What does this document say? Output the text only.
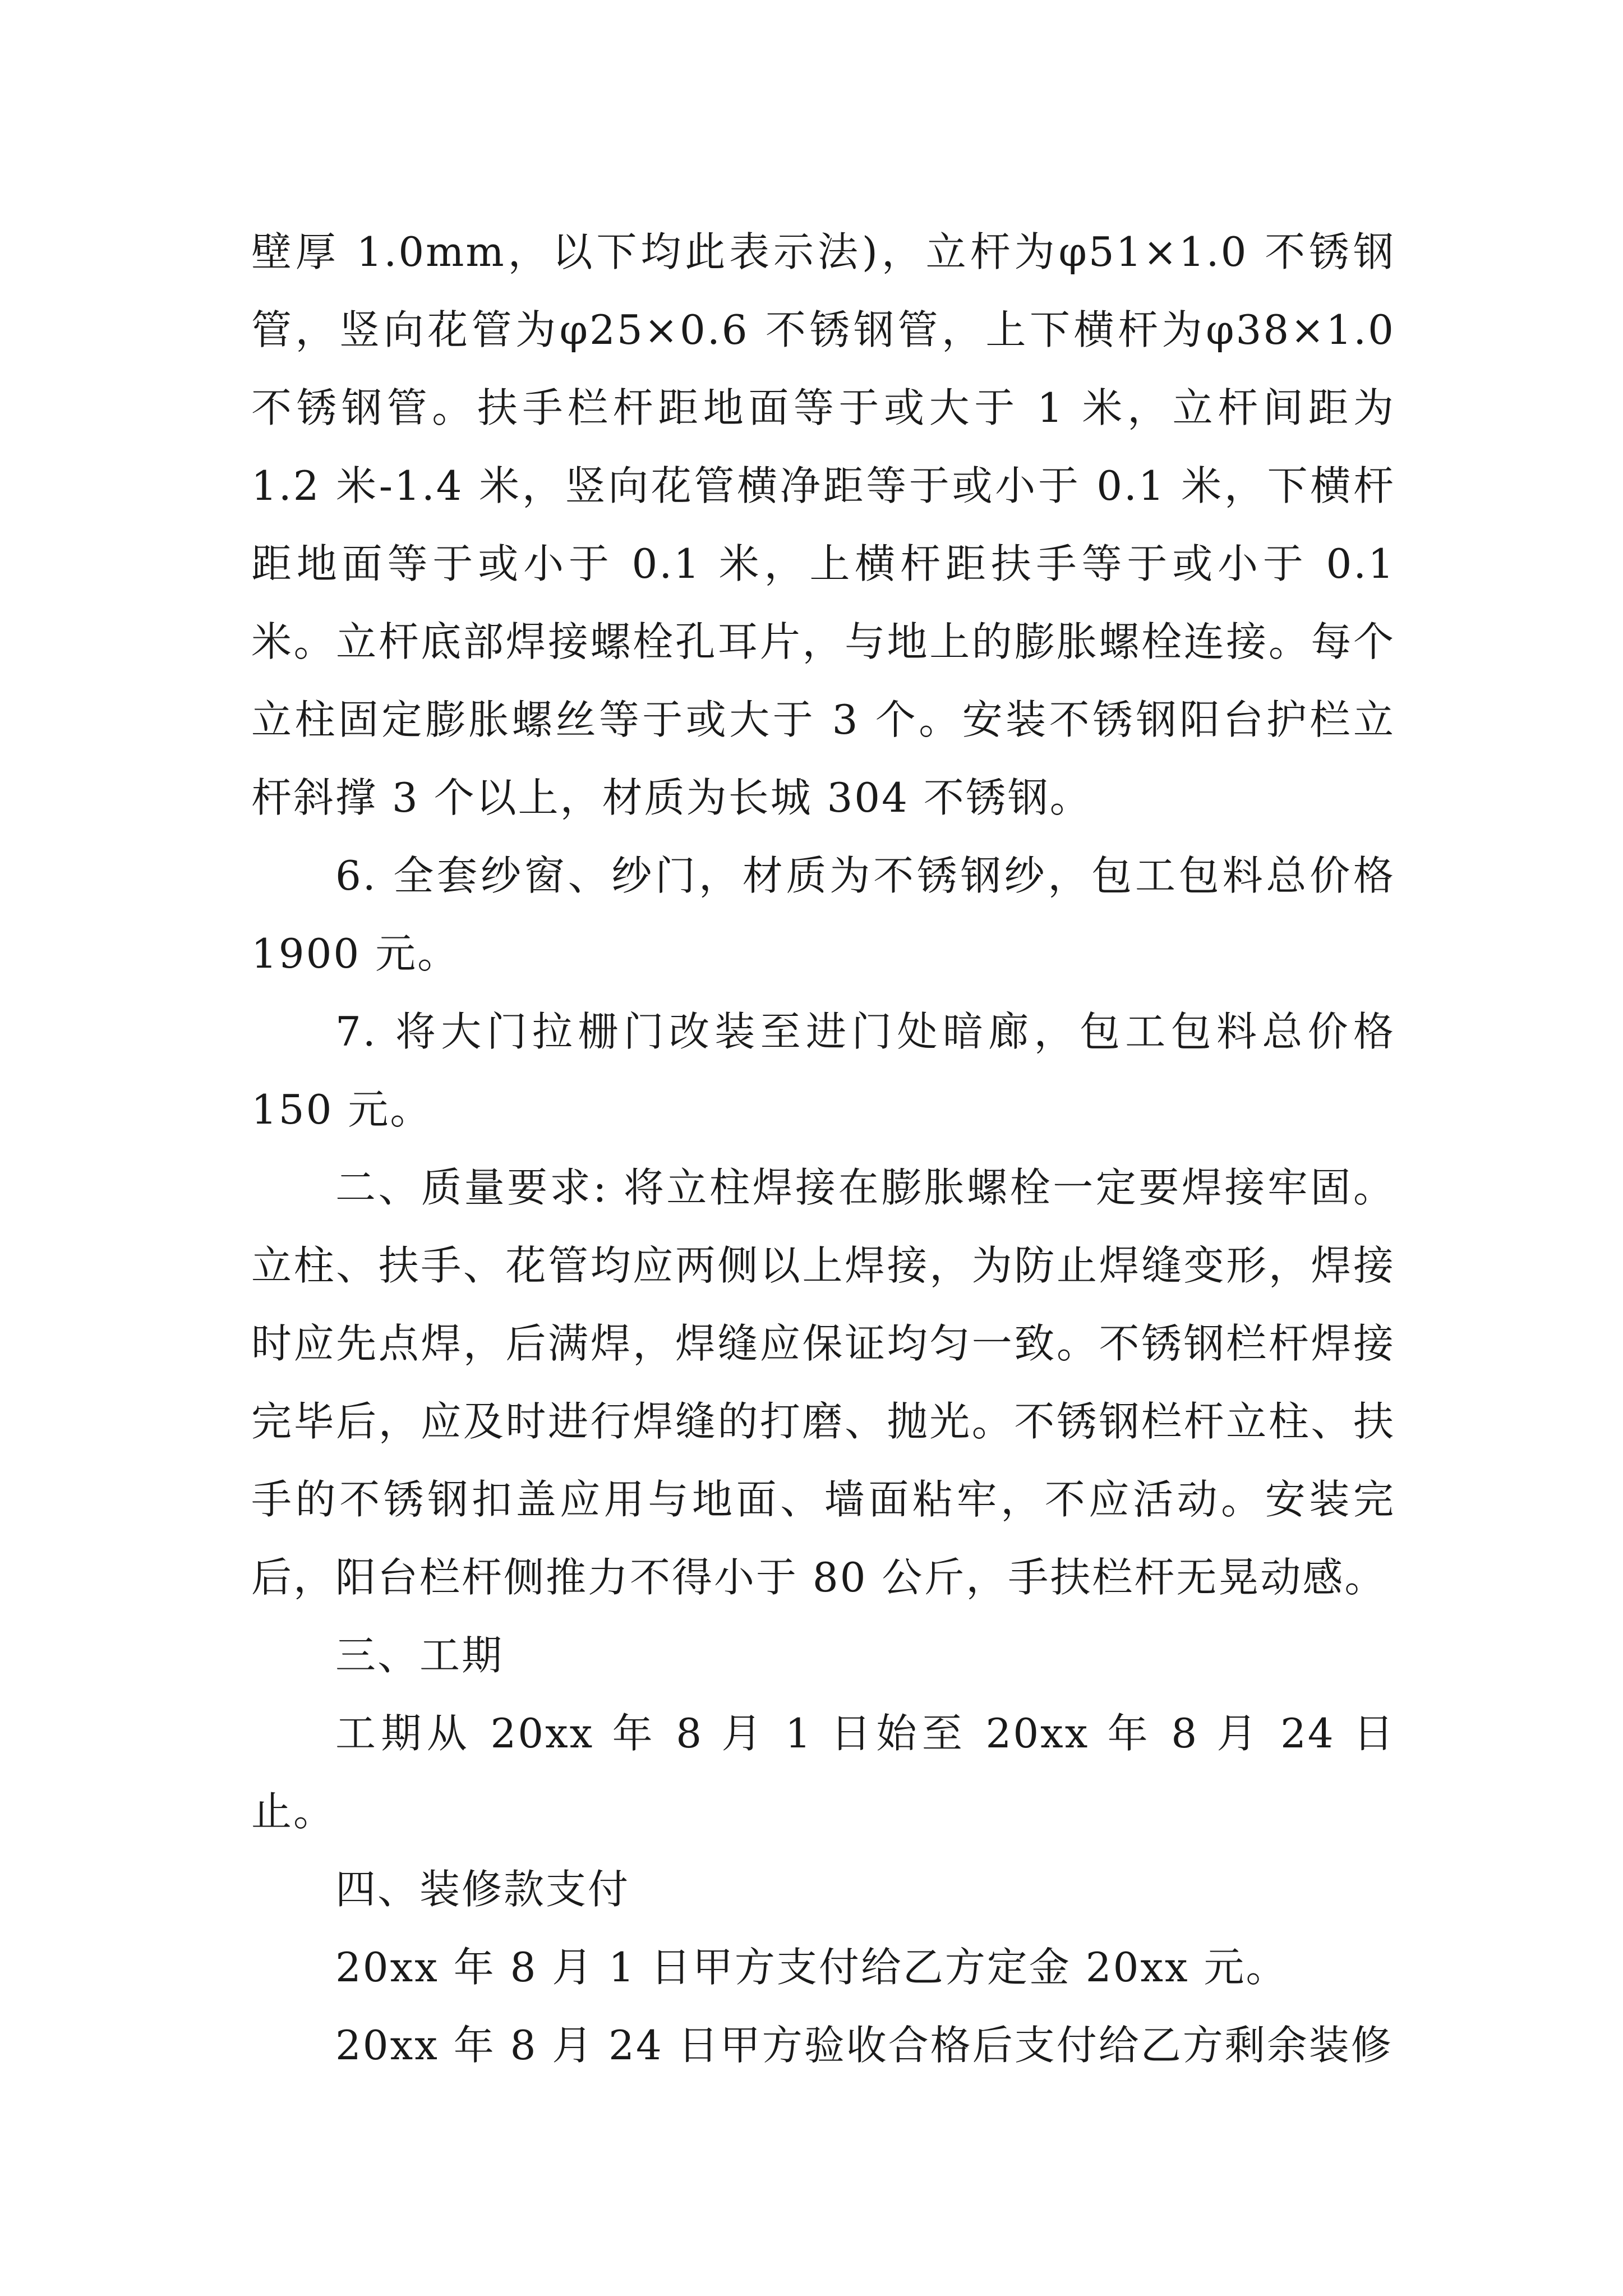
壁厚 1.0mm，以下均此表示法)，立杆为φ51×1.0 不锈钢管，竖向花管为φ25×0.6 不锈钢管，上下横杆为φ38×1.0 不锈钢管。扶手栏杆距地面等于或大于 1 米，立杆间距为 1.2 米-1.4 米，竖向花管横净距等于或小于 0.1 米，下横杆距地面等于或小于 0.1 米，上横杆距扶手等于或小于 0.1 米。立杆底部焊接螺栓孔耳片，与地上的膨胀螺栓连接。每个立柱固定膨胀螺丝等于或大于 3 个。安装不锈钢阳台护栏立杆斜撑 3 个以上，材质为长城 304 不锈钢。

6. 全套纱窗、纱门，材质为不锈钢纱，包工包料总价格 1900 元。

7. 将大门拉栅门改装至进门处暗廊，包工包料总价格 150 元。

二、质量要求: 将立柱焊接在膨胀螺栓一定要焊接牢固。立柱、扶手、花管均应两侧以上焊接，为防止焊缝变形，焊接时应先点焊，后满焊，焊缝应保证均匀一致。不锈钢栏杆焊接完毕后，应及时进行焊缝的打磨、抛光。不锈钢栏杆立柱、扶手的不锈钢扣盖应用与地面、墙面粘牢，不应活动。安装完后，阳台栏杆侧推力不得小于 80 公斤，手扶栏杆无晃动感。

三、工期

工期从 20xx 年 8 月 1 日始至 20xx 年 8 月 24 日止。

四、装修款支付

20xx 年 8 月 1 日甲方支付给乙方定金 20xx 元。

20xx 年 8 月 24 日甲方验收合格后支付给乙方剩余装修
